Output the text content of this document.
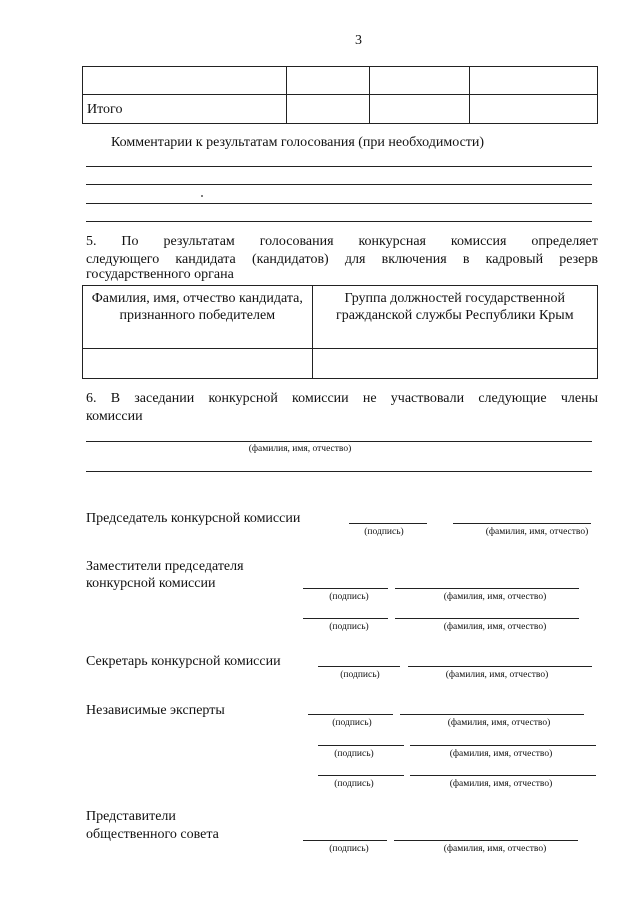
3

Итого			
Комментарии к результатам голосования (при необходимости)
5. По результатам голосования конкурсная комиссия определяет
следующего кандидата (кандидатов) для включения в кадровый резерв
государственного органа
Фамилия, имя, отчество кандидата, признанного победителем	Группа должностей государственной гражданской службы Республики Крым

6. В заседании конкурсной комиссии не участвовали следующие члены
комиссии
(фамилия, имя, отчество)
Председатель конкурсной комиссии
(подпись)	(фамилия, имя, отчество)
Заместители председателя
конкурсной комиссии
(подпись)	(фамилия, имя, отчество)
(подпись)	(фамилия, имя, отчество)
Секретарь конкурсной комиссии
(подпись)	(фамилия, имя, отчество)
Независимые эксперты
(подпись)	(фамилия, имя, отчество)
(подпись)	(фамилия, имя, отчество)
(подпись)	(фамилия, имя, отчество)
Представители
общественного совета
(подпись)	(фамилия, имя, отчество)
